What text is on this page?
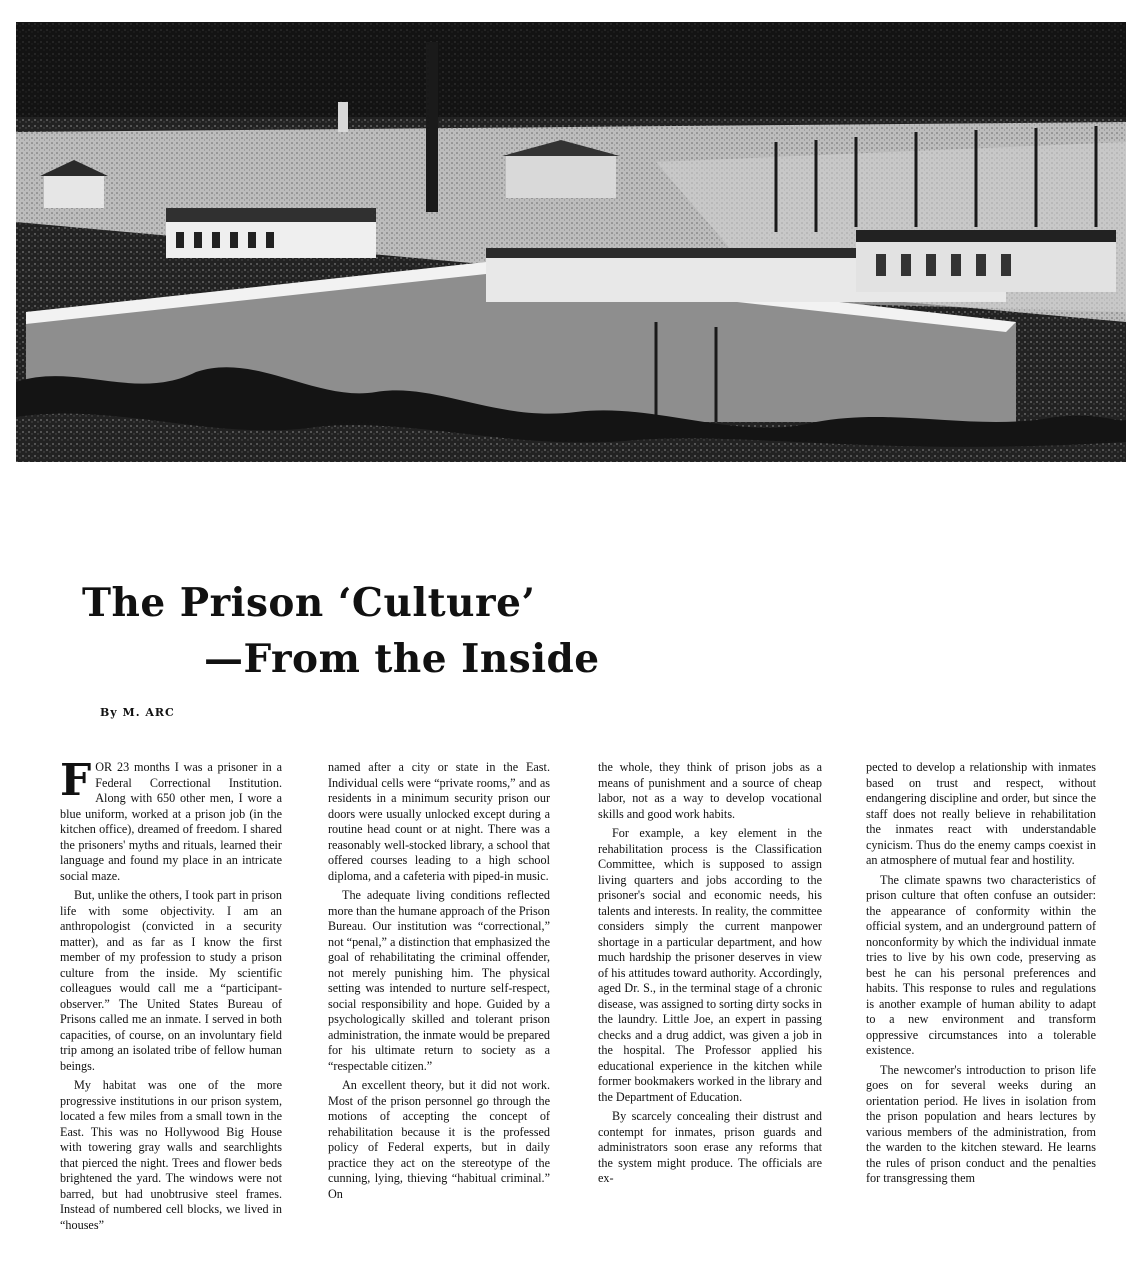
The Prison ‘Culture’
—From the Inside
By M. ARC

FOR 23 months I was a prisoner in a Federal Correctional Institution. Along with 650 other men, I wore a blue uniform, worked at a prison job (in the kitchen office), dreamed of freedom. I shared the prisoners' myths and rituals, learned their language and found my place in an intricate social maze.

But, unlike the others, I took part in prison life with some objectivity. I am an anthropologist (convicted in a security matter), and as far as I know the first member of my profession to study a prison culture from the inside. My scientific colleagues would call me a “participant-observer.” The United States Bureau of Prisons called me an inmate. I served in both capacities, of course, on an involuntary field trip among an isolated tribe of fellow human beings.

My habitat was one of the more progressive institutions in our prison system, located a few miles from a small town in the East. This was no Hollywood Big House with towering gray walls and searchlights that pierced the night. Trees and flower beds brightened the yard. The windows were not barred, but had unobtrusive steel frames. Instead of numbered cell blocks, we lived in “houses”

named after a city or state in the East. Individual cells were “private rooms,” and as residents in a minimum security prison our doors were usually unlocked except during a routine head count or at night. There was a reasonably well-stocked library, a school that offered courses leading to a high school diploma, and a cafeteria with piped-in music.

The adequate living conditions reflected more than the humane approach of the Prison Bureau. Our institution was “correctional,” not “penal,” a distinction that emphasized the goal of rehabilitating the criminal offender, not merely punishing him. The physical setting was intended to nurture self-respect, social responsibility and hope. Guided by a psychologically skilled and tolerant prison administration, the inmate would be prepared for his ultimate return to society as a “respectable citizen.”

An excellent theory, but it did not work. Most of the prison personnel go through the motions of accepting the concept of rehabilitation because it is the professed policy of Federal experts, but in daily practice they act on the stereotype of the cunning, lying, thieving “habitual criminal.” On

the whole, they think of prison jobs as a means of punishment and a source of cheap labor, not as a way to develop vocational skills and good work habits.

For example, a key element in the rehabilitation process is the Classification Committee, which is supposed to assign living quarters and jobs according to the prisoner's social and economic needs, his talents and interests. In reality, the committee considers simply the current manpower shortage in a particular department, and how much hardship the prisoner deserves in view of his attitudes toward authority. Accordingly, aged Dr. S., in the terminal stage of a chronic disease, was assigned to sorting dirty socks in the laundry. Little Joe, an expert in passing checks and a drug addict, was given a job in the hospital. The Professor applied his educational experience in the kitchen while former bookmakers worked in the library and the Department of Education.

By scarcely concealing their distrust and contempt for inmates, prison guards and administrators soon erase any reforms that the system might produce. The officials are ex-

pected to develop a relationship with inmates based on trust and respect, without endangering discipline and order, but since the staff does not really believe in rehabilitation the inmates react with understandable cynicism. Thus do the enemy camps coexist in an atmosphere of mutual fear and hostility.

The climate spawns two characteristics of prison culture that often confuse an outsider: the appearance of conformity within the official system, and an underground pattern of nonconformity by which the individual inmate tries to live by his own code, preserving as best he can his personal preferences and habits. This response to rules and regulations is another example of human ability to adapt to a new environment and transform oppressive circumstances into a tolerable existence.

The newcomer's introduction to prison life goes on for several weeks during an orientation period. He lives in isolation from the prison population and hears lectures by various members of the administration, from the warden to the kitchen steward. He learns the rules of prison conduct and the penalties for transgressing them
